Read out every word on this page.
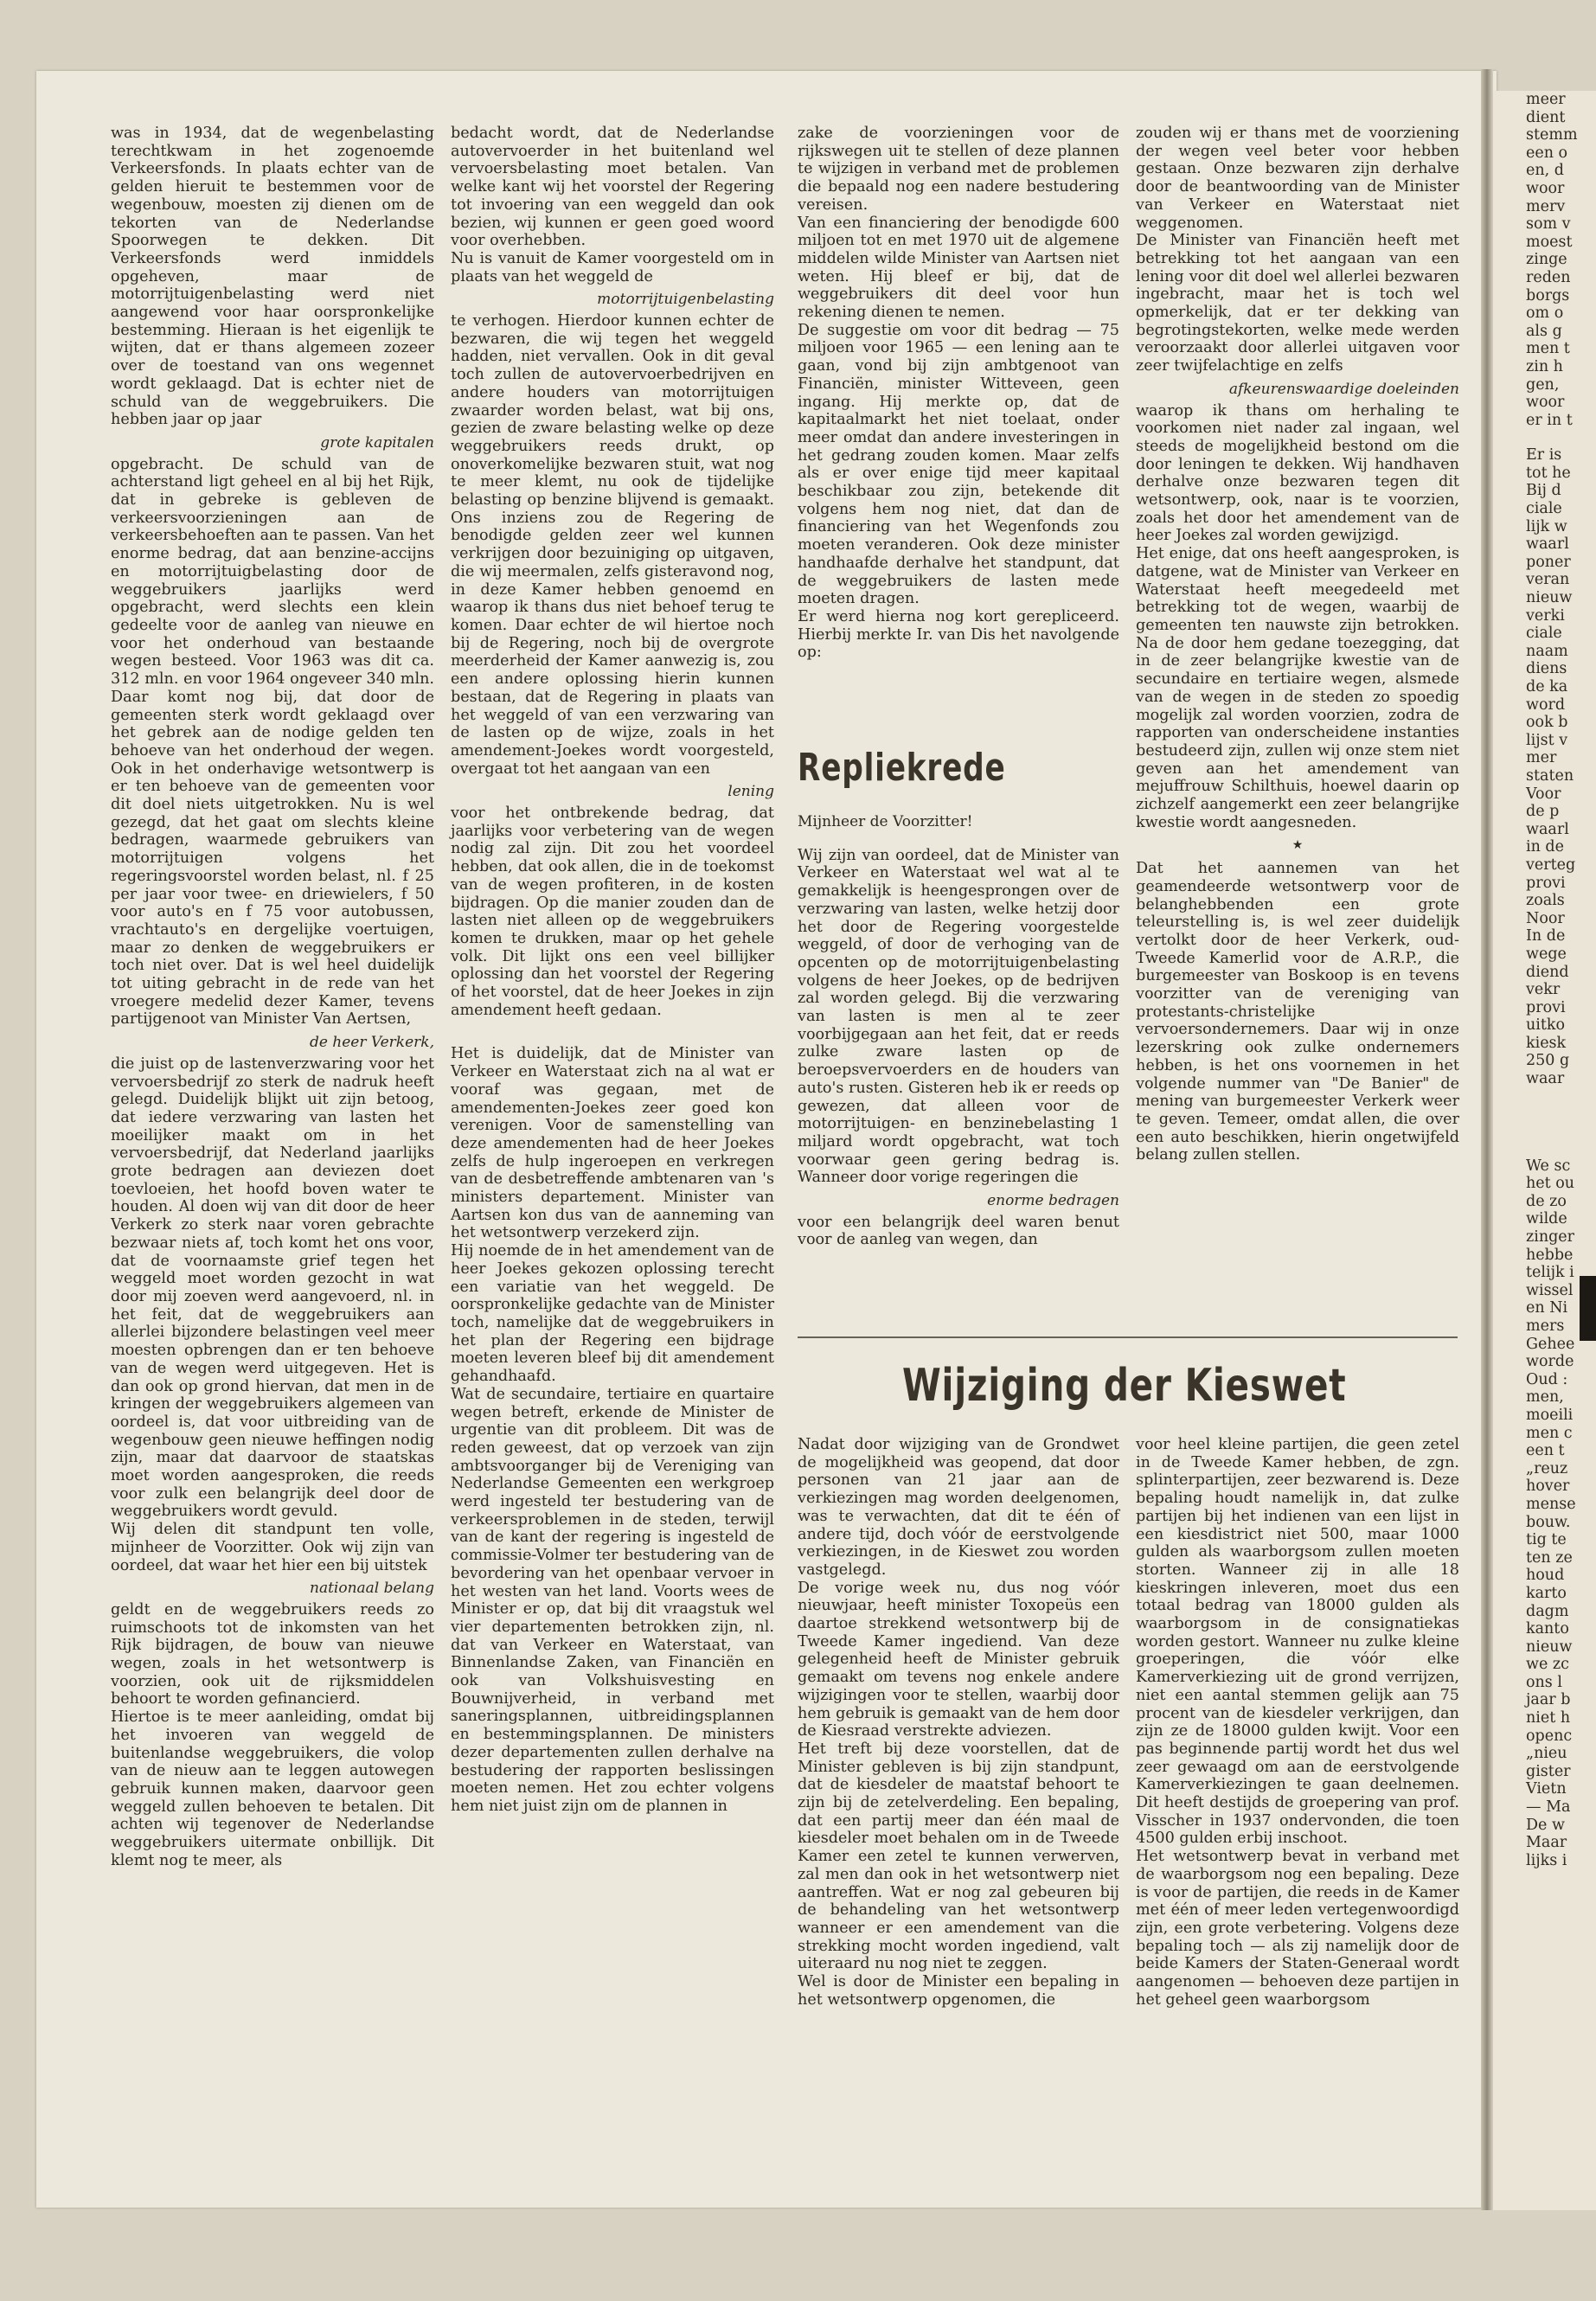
was in 1934, dat de wegenbelasting terechtkwam in het zogenoemde Verkeersfonds. In plaats echter van de gelden hieruit te bestemmen voor de wegenbouw, moesten zij dienen om de tekorten van de Nederlandse Spoorwegen te dekken. Dit Verkeersfonds werd inmiddels opgeheven, maar de motorrijtuigenbelasting werd niet aangewend voor haar oorspronkelijke bestemming. Hieraan is het eigenlijk te wijten, dat er thans algemeen zozeer over de toestand van ons wegennet wordt geklaagd. Dat is echter niet de schuld van de weggebruikers. Die hebben jaar op jaar

grote kapitalen

opgebracht. De schuld van de achterstand ligt geheel en al bij het Rijk, dat in gebreke is gebleven de verkeersvoorzieningen aan de verkeersbehoeften aan te passen. Van het enorme bedrag, dat aan benzine-accijns en motorrijtuigbelasting door de weggebruikers jaarlijks werd opgebracht, werd slechts een klein gedeelte voor de aanleg van nieuwe en voor het onderhoud van bestaande wegen besteed. Voor 1963 was dit ca. 312 mln. en voor 1964 ongeveer 340 mln. Daar komt nog bij, dat door de gemeenten sterk wordt geklaagd over het gebrek aan de nodige gelden ten behoeve van het onderhoud der wegen. Ook in het onderhavige wetsontwerp is er ten behoeve van de gemeenten voor dit doel niets uitgetrokken. Nu is wel gezegd, dat het gaat om slechts kleine bedragen, waarmede gebruikers van motorrijtuigen volgens het regeringsvoorstel worden belast, nl. f 25 per jaar voor twee- en driewielers, f 50 voor auto's en f 75 voor autobussen, vrachtauto's en dergelijke voertuigen, maar zo denken de weggebruikers er toch niet over. Dat is wel heel duidelijk tot uiting gebracht in de rede van het vroegere medelid dezer Kamer, tevens partijgenoot van Minister Van Aertsen,

de heer Verkerk,

die juist op de lastenverzwaring voor het vervoersbedrijf zo sterk de nadruk heeft gelegd. Duidelijk blijkt uit zijn betoog, dat iedere verzwaring van lasten het moeilijker maakt om in het vervoersbedrijf, dat Nederland jaarlijks grote bedragen aan deviezen doet toevloeien, het hoofd boven water te houden. Al doen wij van dit door de heer Verkerk zo sterk naar voren gebrachte bezwaar niets af, toch komt het ons voor, dat de voornaamste grief tegen het weggeld moet worden gezocht in wat door mij zoeven werd aangevoerd, nl. in het feit, dat de weggebruikers aan allerlei bijzondere belastingen veel meer moesten opbrengen dan er ten behoeve van de wegen werd uitgegeven. Het is dan ook op grond hiervan, dat men in de kringen der weggebruikers algemeen van oordeel is, dat voor uitbreiding van de wegenbouw geen nieuwe heffingen nodig zijn, maar dat daarvoor de staatskas moet worden aangesproken, die reeds voor zulk een belangrijk deel door de weggebruikers wordt gevuld.

Wij delen dit standpunt ten volle, mijnheer de Voorzitter. Ook wij zijn van oordeel, dat waar het hier een bij uitstek

nationaal belang

geldt en de weggebruikers reeds zo ruimschoots tot de inkomsten van het Rijk bijdragen, de bouw van nieuwe wegen, zoals in het wetsontwerp is voorzien, ook uit de rijksmiddelen behoort te worden gefinancierd.

Hiertoe is te meer aanleiding, omdat bij het invoeren van weggeld de buitenlandse weggebruikers, die volop van de nieuw aan te leggen autowegen gebruik kunnen maken, daarvoor geen weggeld zullen behoeven te betalen. Dit achten wij tegenover de Nederlandse weggebruikers uitermate onbillijk. Dit klemt nog te meer, als

bedacht wordt, dat de Nederlandse autovervoerder in het buitenland wel vervoersbelasting moet betalen. Van welke kant wij het voorstel der Regering tot invoering van een weggeld dan ook bezien, wij kunnen er geen goed woord voor overhebben.

Nu is vanuit de Kamer voorgesteld om in plaats van het weggeld de

motorrijtuigenbelasting

te verhogen. Hierdoor kunnen echter de bezwaren, die wij tegen het weggeld hadden, niet vervallen. Ook in dit geval toch zullen de autovervoerbedrijven en andere houders van motorrijtuigen zwaarder worden belast, wat bij ons, gezien de zware belasting welke op deze weggebruikers reeds drukt, op onoverkomelijke bezwaren stuit, wat nog te meer klemt, nu ook de tijdelijke belasting op benzine blijvend is gemaakt. Ons inziens zou de Regering de benodigde gelden zeer wel kunnen verkrijgen door bezuiniging op uitgaven, die wij meermalen, zelfs gisteravond nog, in deze Kamer hebben genoemd en waarop ik thans dus niet behoef terug te komen. Daar echter de wil hiertoe noch bij de Regering, noch bij de overgrote meerderheid der Kamer aanwezig is, zou een andere oplossing hierin kunnen bestaan, dat de Regering in plaats van het weggeld of van een verzwaring van de lasten op de wijze, zoals in het amendement-Joekes wordt voorgesteld, overgaat tot het aangaan van een

lening

voor het ontbrekende bedrag, dat jaarlijks voor verbetering van de wegen nodig zal zijn. Dit zou het voordeel hebben, dat ook allen, die in de toekomst van de wegen profiteren, in de kosten bijdragen. Op die manier zouden dan de lasten niet alleen op de weggebruikers komen te drukken, maar op het gehele volk. Dit lijkt ons een veel billijker oplossing dan het voorstel der Regering of het voorstel, dat de heer Joekes in zijn amendement heeft gedaan.

Het is duidelijk, dat de Minister van Verkeer en Waterstaat zich na al wat er vooraf was gegaan, met de amendementen-Joekes zeer goed kon verenigen. Voor de samenstelling van deze amendementen had de heer Joekes zelfs de hulp ingeroepen en verkregen van de desbetreffende ambtenaren van 's ministers departement. Minister van Aartsen kon dus van de aanneming van het wetsontwerp verzekerd zijn.

Hij noemde de in het amendement van de heer Joekes gekozen oplossing terecht een variatie van het weggeld. De oorspronkelijke gedachte van de Minister toch, namelijke dat de weggebruikers in het plan der Regering een bijdrage moeten leveren bleef bij dit amendement gehandhaafd.

Wat de secundaire, tertiaire en quartaire wegen betreft, erkende de Minister de urgentie van dit probleem. Dit was de reden geweest, dat op verzoek van zijn ambtsvoorganger bij de Vereniging van Nederlandse Gemeenten een werkgroep werd ingesteld ter bestudering van de verkeersproblemen in de steden, terwijl van de kant der regering is ingesteld de commissie-Volmer ter bestudering van de bevordering van het openbaar vervoer in het westen van het land. Voorts wees de Minister er op, dat bij dit vraagstuk wel vier departementen betrokken zijn, nl. dat van Verkeer en Waterstaat, van Binnenlandse Zaken, van Financiën en ook van Volkshuisvesting en Bouwnijverheid, in verband met saneringsplannen, uitbreidingsplannen en bestemmingsplannen. De ministers dezer departementen zullen derhalve na bestudering der rapporten beslissingen moeten nemen. Het zou echter volgens hem niet juist zijn om de plannen in

zake de voorzieningen voor de rijkswegen uit te stellen of deze plannen te wijzigen in verband met de problemen die bepaald nog een nadere bestudering vereisen.

Van een financiering der benodigde 600 miljoen tot en met 1970 uit de algemene middelen wilde Minister van Aartsen niet weten. Hij bleef er bij, dat de weggebruikers dit deel voor hun rekening dienen te nemen.

De suggestie om voor dit bedrag — 75 miljoen voor 1965 — een lening aan te gaan, vond bij zijn ambtgenoot van Financiën, minister Witteveen, geen ingang. Hij merkte op, dat de kapitaalmarkt het niet toelaat, onder meer omdat dan andere investeringen in het gedrang zouden komen. Maar zelfs als er over enige tijd meer kapitaal beschikbaar zou zijn, betekende dit volgens hem nog niet, dat dan de financiering van het Wegenfonds zou moeten veranderen. Ook deze minister handhaafde derhalve het standpunt, dat de weggebruikers de lasten mede moeten dragen.

Er werd hierna nog kort gerepliceerd. Hierbij merkte Ir. van Dis het navolgende op:

Repliekrede

Mijnheer de Voorzitter!

Wij zijn van oordeel, dat de Minister van Verkeer en Waterstaat wel wat al te gemakkelijk is heengesprongen over de verzwaring van lasten, welke hetzij door het door de Regering voorgestelde weggeld, of door de verhoging van de opcenten op de motorrijtuigenbelasting volgens de heer Joekes, op de bedrijven zal worden gelegd. Bij die verzwaring van lasten is men al te zeer voorbijgegaan aan het feit, dat er reeds zulke zware lasten op de beroepsvervoerders en de houders van auto's rusten. Gisteren heb ik er reeds op gewezen, dat alleen voor de motorrijtuigen- en benzinebelasting 1 miljard wordt opgebracht, wat toch voorwaar geen gering bedrag is. Wanneer door vorige regeringen die

enorme bedragen

voor een belangrijk deel waren benut voor de aanleg van wegen, dan

zouden wij er thans met de voorziening der wegen veel beter voor hebben gestaan. Onze bezwaren zijn derhalve door de beantwoording van de Minister van Verkeer en Waterstaat niet weggenomen.

De Minister van Financiën heeft met betrekking tot het aangaan van een lening voor dit doel wel allerlei bezwaren ingebracht, maar het is toch wel opmerkelijk, dat er ter dekking van begrotingstekorten, welke mede werden veroorzaakt door allerlei uitgaven voor zeer twijfelachtige en zelfs

afkeurenswaardige doeleinden

waarop ik thans om herhaling te voorkomen niet nader zal ingaan, wel steeds de mogelijkheid bestond om die door leningen te dekken. Wij handhaven derhalve onze bezwaren tegen dit wetsontwerp, ook, naar is te voorzien, zoals het door het amendement van de heer Joekes zal worden gewijzigd.

Het enige, dat ons heeft aangesproken, is datgene, wat de Minister van Verkeer en Waterstaat heeft meegedeeld met betrekking tot de wegen, waarbij de gemeenten ten nauwste zijn betrokken. Na de door hem gedane toezegging, dat in de zeer belangrijke kwestie van de secundaire en tertiaire wegen, alsmede van de wegen in de steden zo spoedig mogelijk zal worden voorzien, zodra de rapporten van onderscheidene instanties bestudeerd zijn, zullen wij onze stem niet geven aan het amendement van mejuffrouw Schilthuis, hoewel daarin op zichzelf aangemerkt een zeer belangrijke kwestie wordt aangesneden.

★

Dat het aannemen van het geamendeerde wetsontwerp voor de belanghebbenden een grote teleurstelling is, is wel zeer duidelijk vertolkt door de heer Verkerk, oud-Tweede Kamerlid voor de A.R.P., die burgemeester van Boskoop is en tevens voorzitter van de vereniging van protestants-christelijke vervoersondernemers. Daar wij in onze lezerskring ook zulke ondernemers hebben, is het ons voornemen in het volgende nummer van "De Banier" de mening van burgemeester Verkerk weer te geven. Temeer, omdat allen, die over een auto beschikken, hierin ongetwijfeld belang zullen stellen.

Wijziging der Kieswet

Nadat door wijziging van de Grondwet de mogelijkheid was geopend, dat door personen van 21 jaar aan de verkiezingen mag worden deelgenomen, was te verwachten, dat dit te één of andere tijd, doch vóór de eerstvolgende verkiezingen, in de Kieswet zou worden vastgelegd.

De vorige week nu, dus nog vóór nieuwjaar, heeft minister Toxopeüs een daartoe strekkend wetsontwerp bij de Tweede Kamer ingediend. Van deze gelegenheid heeft de Minister gebruik gemaakt om tevens nog enkele andere wijzigingen voor te stellen, waarbij door hem gebruik is gemaakt van de hem door de Kiesraad verstrekte adviezen.

Het treft bij deze voorstellen, dat de Minister gebleven is bij zijn standpunt, dat de kiesdeler de maatstaf behoort te zijn bij de zetelverdeling. Een bepaling, dat een partij meer dan één maal de kiesdeler moet behalen om in de Tweede Kamer een zetel te kunnen verwerven, zal men dan ook in het wetsontwerp niet aantreffen. Wat er nog zal gebeuren bij de behandeling van het wetsontwerp wanneer er een amendement van die strekking mocht worden ingediend, valt uiteraard nu nog niet te zeggen.

Wel is door de Minister een bepaling in het wetsontwerp opgenomen, die

voor heel kleine partijen, die geen zetel in de Tweede Kamer hebben, de zgn. splinterpartijen, zeer bezwarend is. Deze bepaling houdt namelijk in, dat zulke partijen bij het indienen van een lijst in een kiesdistrict niet 500, maar 1000 gulden als waarborgsom zullen moeten storten. Wanneer zij in alle 18 kieskringen inleveren, moet dus een totaal bedrag van 18000 gulden als waarborgsom in de consignatiekas worden gestort. Wanneer nu zulke kleine groeperingen, die vóór elke Kamerverkiezing uit de grond verrijzen, niet een aantal stemmen gelijk aan 75 procent van de kiesdeler verkrijgen, dan zijn ze de 18000 gulden kwijt. Voor een pas beginnende partij wordt het dus wel zeer gewaagd om aan de eerstvolgende Kamerverkiezingen te gaan deelnemen. Dit heeft destijds de groepering van prof. Visscher in 1937 ondervonden, die toen 4500 gulden erbij inschoot.

Het wetsontwerp bevat in verband met de waarborgsom nog een bepaling. Deze is voor de partijen, die reeds in de Kamer met één of meer leden vertegenwoordigd zijn, een grote verbetering. Volgens deze bepaling toch — als zij namelijk door de beide Kamers der Staten-Generaal wordt aangenomen — behoeven deze partijen in het geheel geen waarborgsom

meer
dient
stemm
een o
en, d
woor
merv
som v
moest
zinge
reden
borgs
om o
als g
men t
zin h
gen,
woor
er in t
Er is
tot he
Bij d
ciale
lijk w
waarl
poner
veran
nieuw
verki
ciale
naam
diens
de ka
word
ook b
lijst v
mer
staten
Voor
de p
waarl
in de
verteg
provi
zoals
Noor
In de
wege
diend
vekr
provi
uitko
kiesk
250 g
waar
We sc
het ou
de zo
wilde
zinger
hebbe
telijk i
wissel
en Ni
mers
Gehee
worde
Oud :
men,
moeili
men c
een t
„reuz
hover
mense
bouw.
tig te
ten ze
houd
karto
dagm
kanto
nieuw
we zc
ons l
jaar b
niet h
openc
„nieu
gister
Vietn
— Ma
De w
Maar
lijks i
